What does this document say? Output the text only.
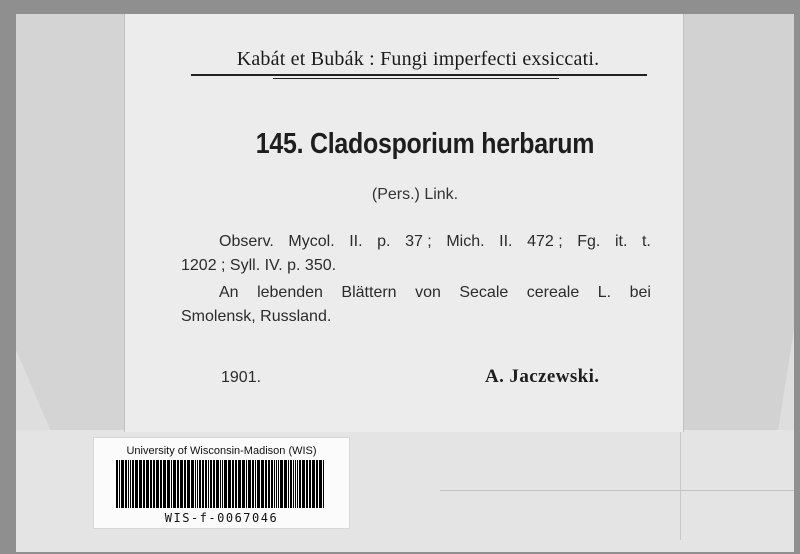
Kabát et Bubák : Fungi imperfecti exsiccati.
145. Cladosporium herbarum
(Pers.) Link.
Observ. Mycol. II. p. 37 ; Mich. II. 472 ; Fg. it. t.
1202 ; Syll. IV. p. 350.
An lebenden Blättern von Secale cereale L. bei
Smolensk, Russland.
1901.	A. Jaczewski.
University of Wisconsin-Madison (WIS)
WIS-f-0067046
